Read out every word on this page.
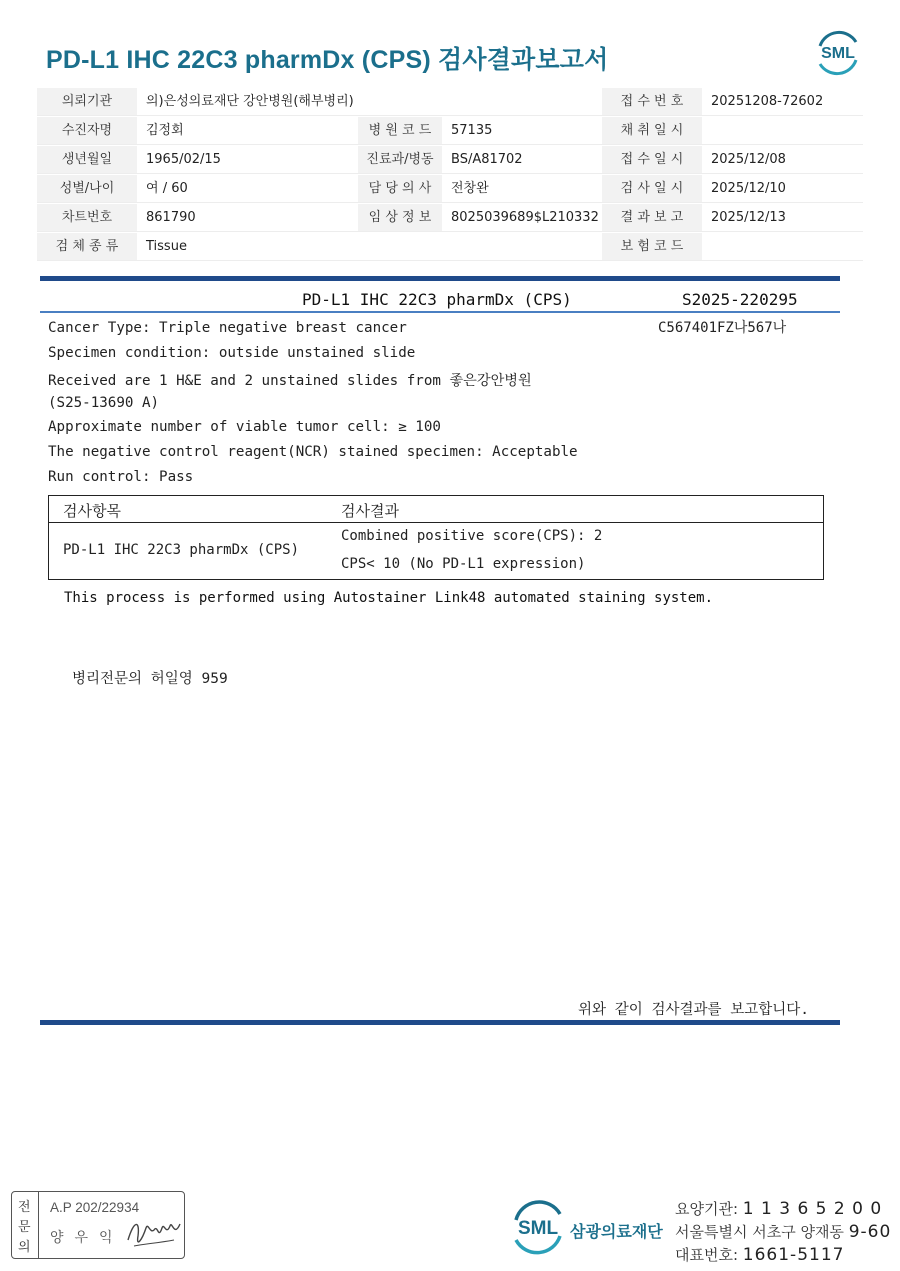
PD-L1 IHC 22C3 pharmDx (CPS) 검사결과보고서	SML
의뢰기관	의)은성의료재단 강안병원(해부병리)	접 수 번 호	20251208-72602
수진자명	김정회	병 원 코 드	57135	채 취 일 시
생년월일	1965/02/15	진료과/병동	BS/A81702	접 수 일 시	2025/12/08
성별/나이	여 / 60	담 당 의 사	전창완	검 사 일 시	2025/12/10
차트번호	861790	임 상 정 보	8025039689$L210332	결 과 보 고	2025/12/13
검 체 종 류	Tissue	보 험 코 드
PD-L1 IHC 22C3 pharmDx (CPS)	S2025-220295
C567401FZ나567나
Cancer Type: Triple negative breast cancer
Specimen condition: outside unstained slide
Received are 1 H&E and 2 unstained slides from 좋은강안병원
(S25-13690 A)
Approximate number of viable tumor cell: ≥ 100
The negative control reagent(NCR) stained specimen: Acceptable
Run control: Pass
검사항목	검사결과
PD-L1 IHC 22C3 pharmDx (CPS)
Combined positive score(CPS): 2
CPS< 10 (No PD-L1 expression)
This process is performed using Autostainer Link48 automated staining system.
병리전문의 허일영 959
위와 같이 검사결과를 보고합니다.
전
문
의
A.P 202/22934
양우익	SML 삼광의료재단
요양기관: 1 1 3 6 5 2 0 0
서울특별시 서초구 양재동 9-60
대표번호: 1661-5117
